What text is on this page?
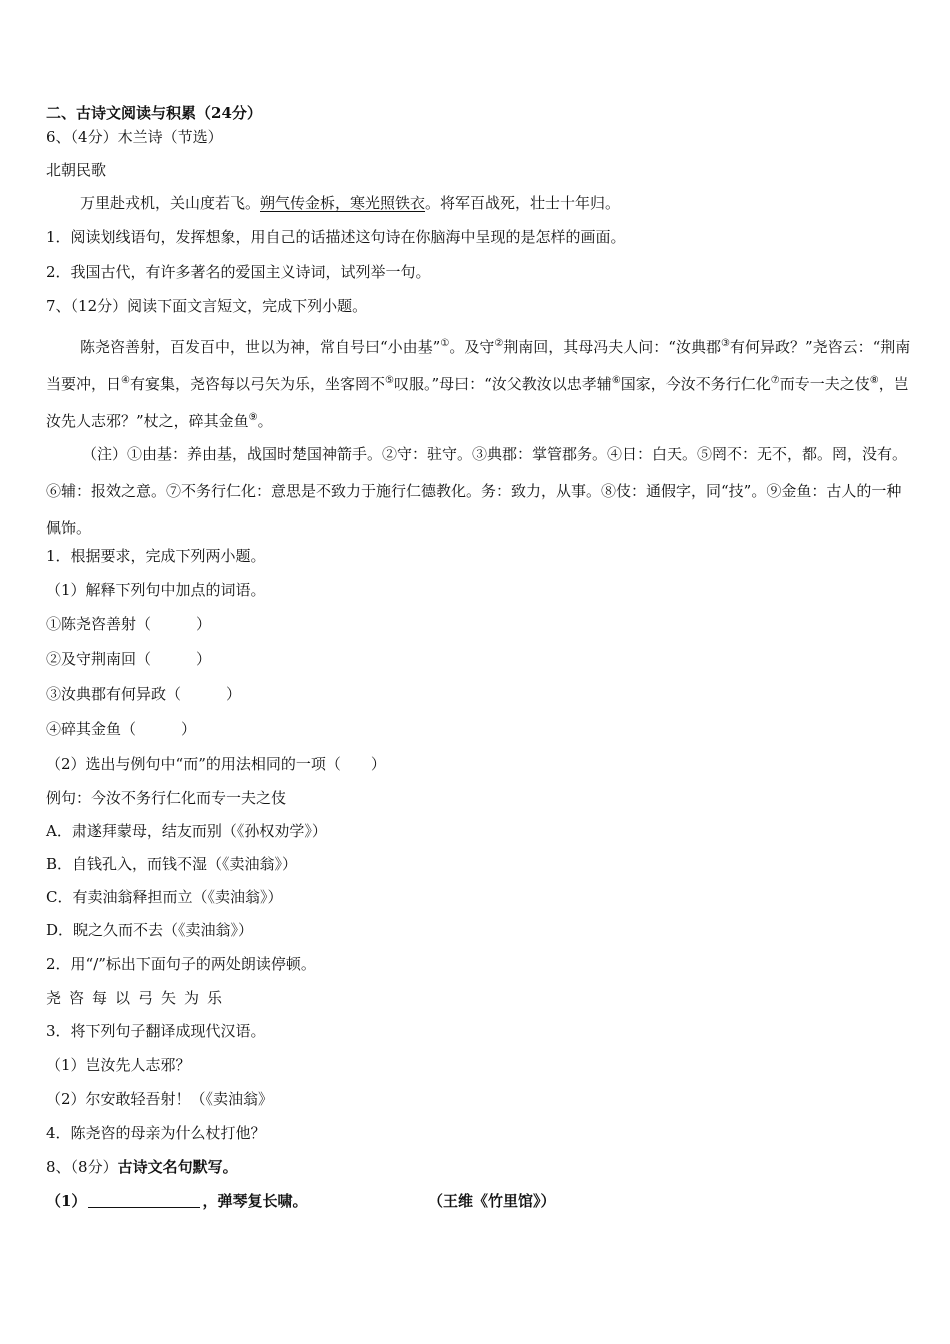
二、古诗文阅读与积累（24分）
6、（4分）木兰诗（节选）
北朝民歌
万里赴戎机，关山度若飞。朔气传金柝，寒光照铁衣。将军百战死，壮士十年归。
1．阅读划线语句，发挥想象，用自己的话描述这句诗在你脑海中呈现的是怎样的画面。
2．我国古代，有许多著名的爱国主义诗词，试列举一句。
7、（12分）阅读下面文言短文，完成下列小题。
陈尧咨善射，百发百中，世以为神，常自号曰“小由基”①。及守②荆南回，其母冯夫人问：“汝典郡③有何异政？”尧咨云：“荆南当要冲，日④有宴集，尧咨每以弓矢为乐，坐客罔不⑤叹服。”母曰：“汝父教汝以忠孝辅⑥国家，今汝不务行仁化⑦而专一夫之伎⑧，岂汝先人志邪？”杖之，碎其金鱼⑨。
（注）①由基：养由基，战国时楚国神箭手。②守：驻守。③典郡：掌管郡务。④日：白天。⑤罔不：无不，都。罔，没有。⑥辅：报效之意。⑦不务行仁化：意思是不致力于施行仁德教化。务：致力，从事。⑧伎：通假字，同“技”。⑨金鱼：古人的一种佩饰。
1．根据要求，完成下列两小题。
（1）解释下列句中加点的词语。
①陈尧咨善射（　　　）
②及守荆南回（　　　）
③汝典郡有何异政（　　　）
④碎其金鱼（　　　）
（2）选出与例句中“而”的用法相同的一项（　　）
例句：今汝不务行仁化而专一夫之伎
A．肃遂拜蒙母，结友而别（《孙权劝学》）
B．自钱孔入，而钱不湿（《卖油翁》）
C．有卖油翁释担而立（《卖油翁》）
D．睨之久而不去（《卖油翁》）
2．用“/”标出下面句子的两处朗读停顿。
尧咨每以弓矢为乐
3．将下列句子翻译成现代汉语。
（1）岂汝先人志邪？
（2）尔安敢轻吾射！（《卖油翁》
4．陈尧咨的母亲为什么杖打他？
8、（8分）古诗文名句默写。
（1）	，弹琴复长啸。	（王维《竹里馆》）
